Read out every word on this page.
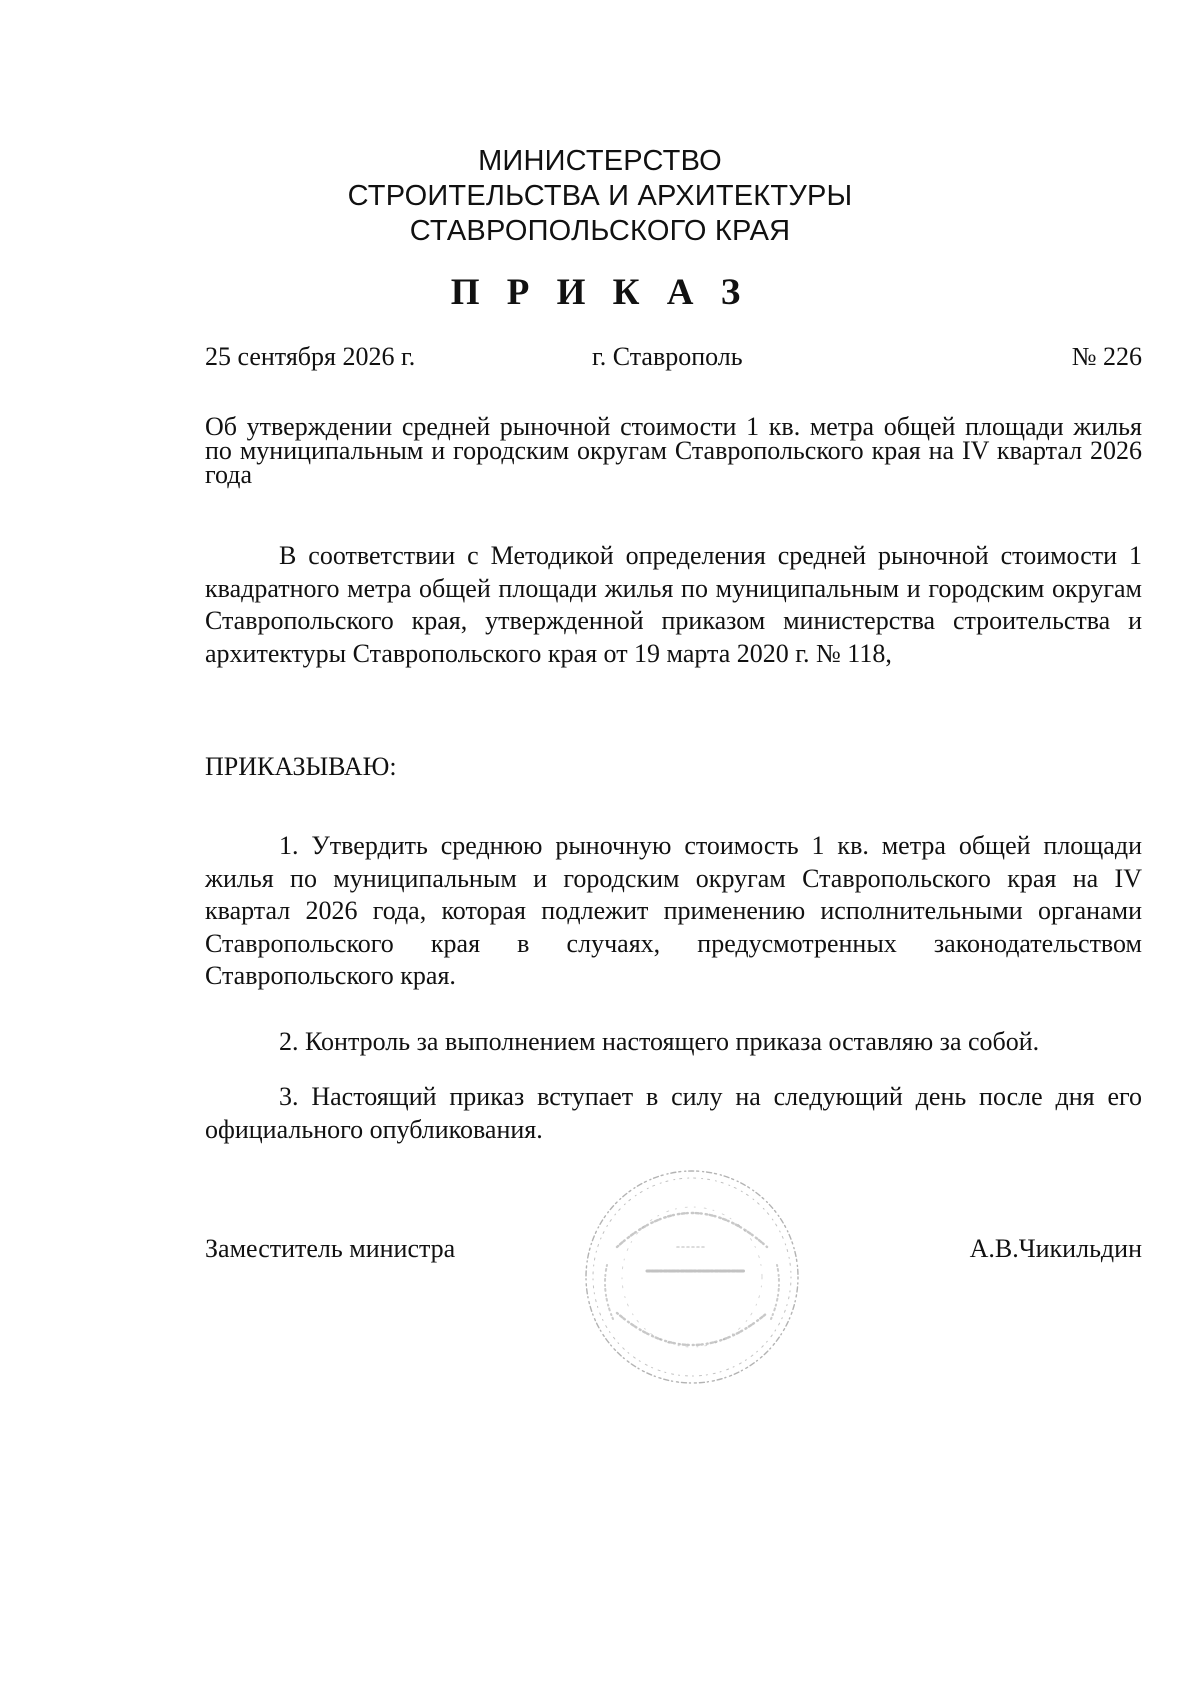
МИНИСТЕРСТВО
СТРОИТЕЛЬСТВА И АРХИТЕКТУРЫ
СТАВРОПОЛЬСКОГО КРАЯ
П Р И К А З
25 сентября 2026 г.	г. Ставрополь	№ 226
Об утверждении средней рыночной стоимости 1 кв. метра общей площади жилья по муниципальным и городским округам Ставропольского края на IV квартал 2026 года
В соответствии с Методикой определения средней рыночной стоимости 1 квадратного метра общей площади жилья по муниципальным и городским округам Ставропольского края, утвержденной приказом министерства строительства и архитектуры Ставропольского края от 19 марта 2020 г. № 118,
ПРИКАЗЫВАЮ:
1. Утвердить среднюю рыночную стоимость 1 кв. метра общей площади жилья по муниципальным и городским округам Ставропольского края на IV квартал 2026 года, которая подлежит применению исполнительными органами Ставропольского края в случаях, предусмотренных законодательством Ставропольского края.
2. Контроль за выполнением настоящего приказа оставляю за собой.
3. Настоящий приказ вступает в силу на следующий день после дня его официального опубликования.
Заместитель министра	А.В.Чикильдин
